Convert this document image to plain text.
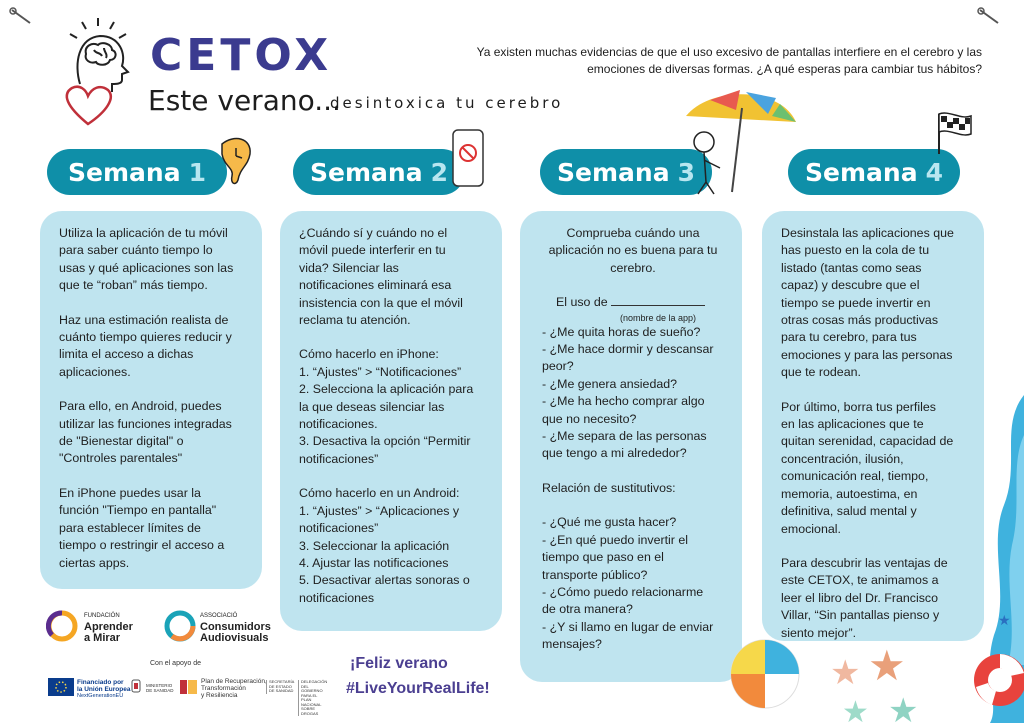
CETOX
Este verano...
desintoxica tu cerebro
Ya existen muchas evidencias de que el uso excesivo de pantallas interfiere en el cerebro y las emociones de diversas formas. ¿A qué esperas para cambiar tus hábitos?
Semana 1	Semana 2	Semana 3	Semana 4

Utiliza la aplicación de tu móvil
para saber cuánto tiempo lo
usas y qué aplicaciones son las
que te “roban” más tiempo.

Haz una estimación realista de
cuánto tiempo quieres reducir y
limita el acceso a dichas
aplicaciones.

Para ello, en Android, puedes
utilizar las funciones integradas
de "Bienestar digital" o
"Controles parentales"

En iPhone puedes usar la
función "Tiempo en pantalla"
para establecer límites de
tiempo o restringir el acceso a
ciertas apps.

¿Cuándo sí y cuándo no el
móvil puede interferir en tu
vida? Silenciar las
notificaciones eliminará esa
insistencia con la que el móvil
reclama tu atención.

Cómo hacerlo en iPhone:
1. “Ajustes” > “Notificaciones”
2. Selecciona la aplicación para
la que deseas silenciar las
notificaciones.
3. Desactiva la opción “Permitir
notificaciones”

Cómo hacerlo en un Android:
1. “Ajustes” > “Aplicaciones y
notificaciones”
3. Seleccionar la aplicación
4. Ajustar las notificaciones
5. Desactivar alertas sonoras o
notificaciones

Comprueba cuándo una
aplicación no es buena para tu
cerebro.

El uso de
(nombre de la app)

- ¿Me quita horas de sueño?
- ¿Me hace dormir y descansar
peor?
- ¿Me genera ansiedad?
- ¿Me ha hecho comprar algo
que no necesito?
- ¿Me separa de las personas
que tengo a mi alrededor?

Relación de sustitutivos:

- ¿Qué me gusta hacer?
- ¿En qué puedo invertir el
tiempo que paso en el
transporte público?
- ¿Cómo puedo relacionarme
de otra manera?
- ¿Y si llamo en lugar de enviar
mensajes?

Desinstala las aplicaciones que
has puesto en la cola de tu
listado (tantas como seas
capaz) y descubre que el
tiempo se puede invertir en
otras cosas más productivas
para tu cerebro, para tus
emociones y para las personas
que te rodean.

Por último, borra tus perfiles
en las aplicaciones que te
quitan serenidad, capacidad de
concentración, ilusión,
comunicación real, tiempo,
memoria, autoestima, en
definitiva, salud mental y
emocional.

Para descubrir las ventajas de
este CETOX, te animamos a
leer el libro del Dr. Francisco
Villar, “Sin pantallas pienso y
siento mejor”.

★
★
★
★
★
FUNDACIÓN
Aprender
a Mirar
ASSOCIACIÓ
Consumidors
Audiovisuals
Con el apoyo de
Financiado por
la Unión Europea
NextGenerationEU
MINISTERIO DE SANIDAD
Plan de Recuperación,
Transformación
y Resiliencia
SECRETARÍA DE ESTADO DE SANIDAD
DELEGACIÓN DEL GOBIERNO PARA EL PLAN NACIONAL SOBRE DROGAS
¡Feliz verano
#LiveYourRealLife!
